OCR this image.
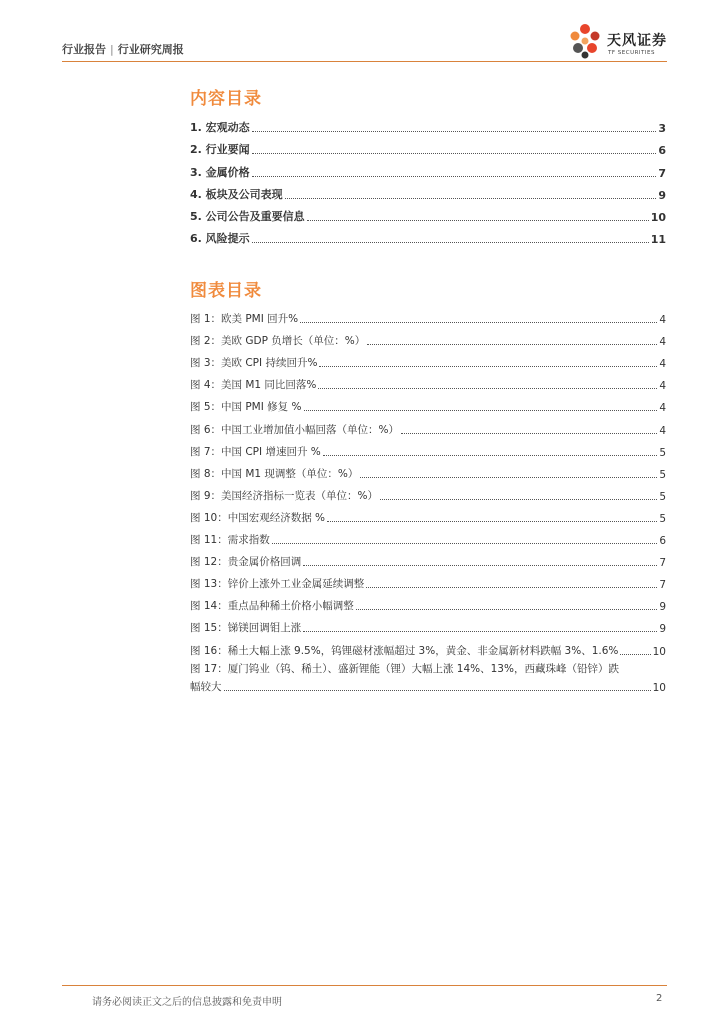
行业报告 | 行业研究周报
天风证券
TF SECURITIES
内容目录
1. 宏观动态	3
2. 行业要闻	6
3. 金属价格	7
4. 板块及公司表现	9
5. 公司公告及重要信息	10
6. 风险提示	11
图表目录
图 1：欧美 PMI 回升%	4
图 2：美欧 GDP 负增长（单位：%）	4
图 3：美欧 CPI 持续回升%	4
图 4：美国 M1 同比回落%	4
图 5：中国 PMI 修复 %	4
图 6：中国工业增加值小幅回落（单位：%）	4
图 7：中国 CPI 增速回升 %	5
图 8：中国 M1 现调整（单位：%）	5
图 9：美国经济指标一览表（单位：%）	5
图 10：中国宏观经济数据 %	5
图 11：需求指数	6
图 12：贵金属价格回调	7
图 13：锌价上涨外工业金属延续调整	7
图 14：重点品种稀土价格小幅调整	9
图 15：锑镁回调钼上涨	9
图 16：稀土大幅上涨 9.5%，钨锂磁材涨幅超过 3%，黄金、非金属新材料跌幅 3%、1.6%	10
图 17：厦门钨业（钨、稀土）、盛新锂能（锂）大幅上涨 14%、13%，西藏珠峰（铅锌）跌
幅较大	10
请务必阅读正文之后的信息披露和免责申明	2
